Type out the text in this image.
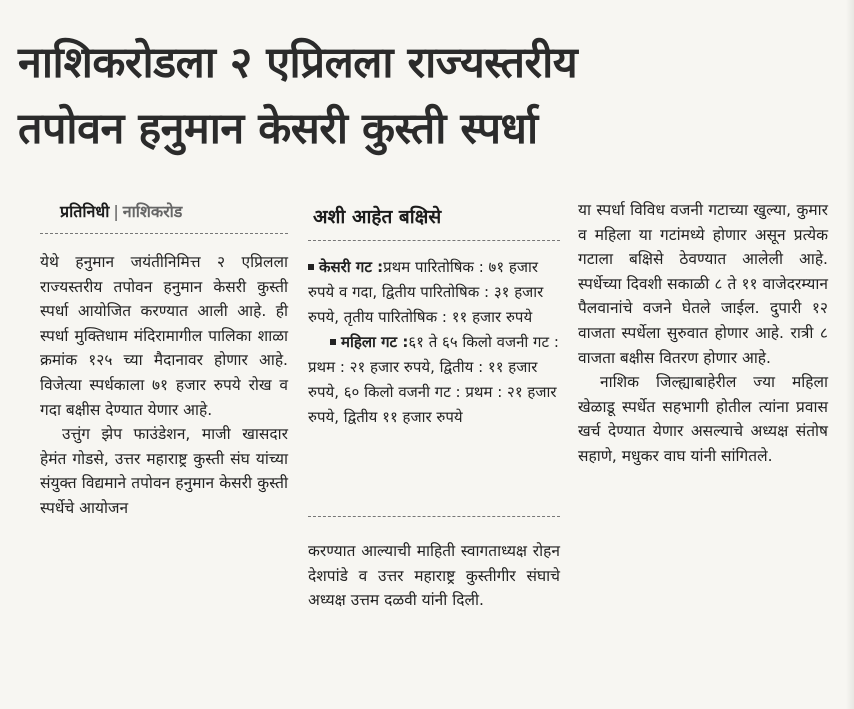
नाशिकरोडला २ एप्रिलला राज्यस्तरीय
तपोवन हनुमान केसरी कुस्ती स्पर्धा
प्रतिनिधी | नाशिकरोड

येथे हनुमान जयंतीनिमित्त २ एप्रिलला राज्यस्तरीय तपोवन हनुमान केसरी कुस्ती स्पर्धा आयोजित करण्यात आली आहे. ही स्पर्धा मुक्तिधाम मंदिरामागील पालिका शाळा क्रमांक १२५ च्या मैदानावर होणार आहे. विजेत्या स्पर्धकाला ७१ हजार रुपये रोख व गदा बक्षीस देण्यात येणार आहे.

उत्तुंग झेप फाउंडेशन, माजी खासदार हेमंत गोडसे, उत्तर महाराष्ट्र कुस्ती संघ यांच्या संयुक्त विद्यमाने तपोवन हनुमान केसरी कुस्ती स्पर्धेचे आयोजन

अशी आहेत बक्षिसे

केसरी गट :प्रथम पारितोषिक : ७१ हजार रुपये व गदा, द्वितीय पारितोषिक : ३१ हजार रुपये, तृतीय पारितोषिक : ११ हजार रुपये

महिला गट :६१ ते ६५ किलो वजनी गट : प्रथम : २१ हजार रुपये, द्वितीय : ११ हजार रुपये, ६० किलो वजनी गट : प्रथम : २१ हजार रुपये, द्वितीय ११ हजार रुपये

करण्यात आल्याची माहिती स्वागताध्यक्ष रोहन देशपांडे व उत्तर महाराष्ट्र कुस्तीगीर संघाचे अध्यक्ष उत्तम दळवी यांनी दिली.

या स्पर्धा विविध वजनी गटाच्या खुल्या, कुमार व महिला या गटांमध्ये होणार असून प्रत्येक गटाला बक्षिसे ठेवण्यात आलेली आहे. स्पर्धेच्या दिवशी सकाळी ८ ते ११ वाजेदरम्यान पैलवानांचे वजने घेतले जाईल. दुपारी १२ वाजता स्पर्धेला सुरुवात होणार आहे. रात्री ८ वाजता बक्षीस वितरण होणार आहे.

नाशिक जिल्ह्याबाहेरील ज्या महिला खेळाडू स्पर्धेत सहभागी होतील त्यांना प्रवास खर्च देण्यात येणार असल्याचे अध्यक्ष संतोष सहाणे, मधुकर वाघ यांनी सांगितले.
